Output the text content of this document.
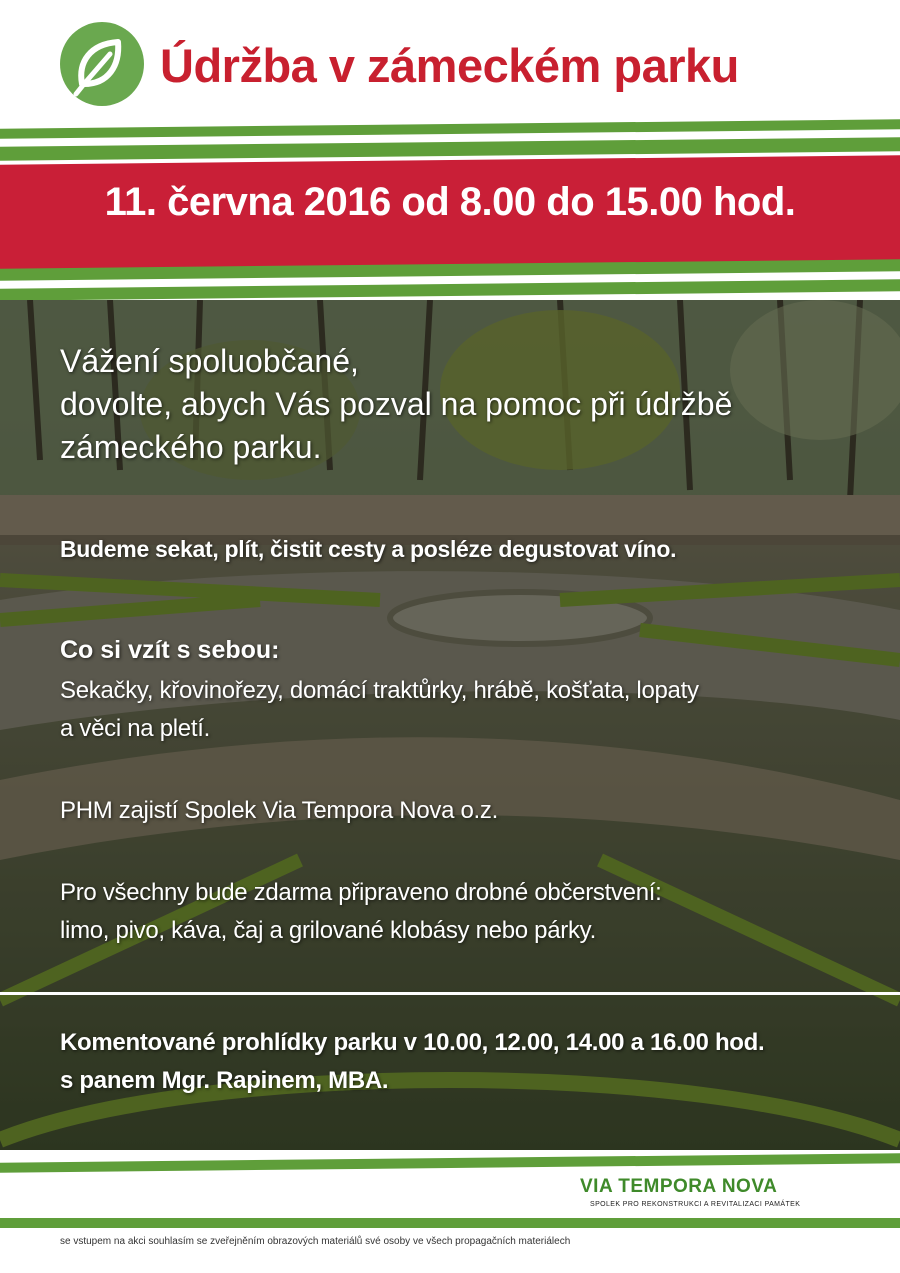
Údržba v zámeckém parku
11. června 2016 od 8.00 do 15.00 hod.
Vážení spoluobčané,
dovolte, abych Vás pozval na pomoc při údržbě
zámeckého parku.
Budeme sekat, plít, čistit cesty a posléze degustovat víno.
Co si vzít s sebou:
Sekačky, křovinořezy, domácí traktůrky, hrábě, košťata, lopaty
a věci na pletí.
PHM zajistí Spolek Via Tempora Nova o.z.
Pro všechny bude zdarma připraveno drobné občerstvení:
limo, pivo, káva, čaj a grilované klobásy nebo párky.
Komentované prohlídky parku v 10.00, 12.00, 14.00 a 16.00 hod.
s panem Mgr. Rapinem, MBA.
VIA TEMPORA NOVA
SPOLEK PRO REKONSTRUKCI A REVITALIZACI PAMÁTEK
se vstupem na akci souhlasím se zveřejněním obrazových materiálů své osoby ve všech propagačních materiálech
